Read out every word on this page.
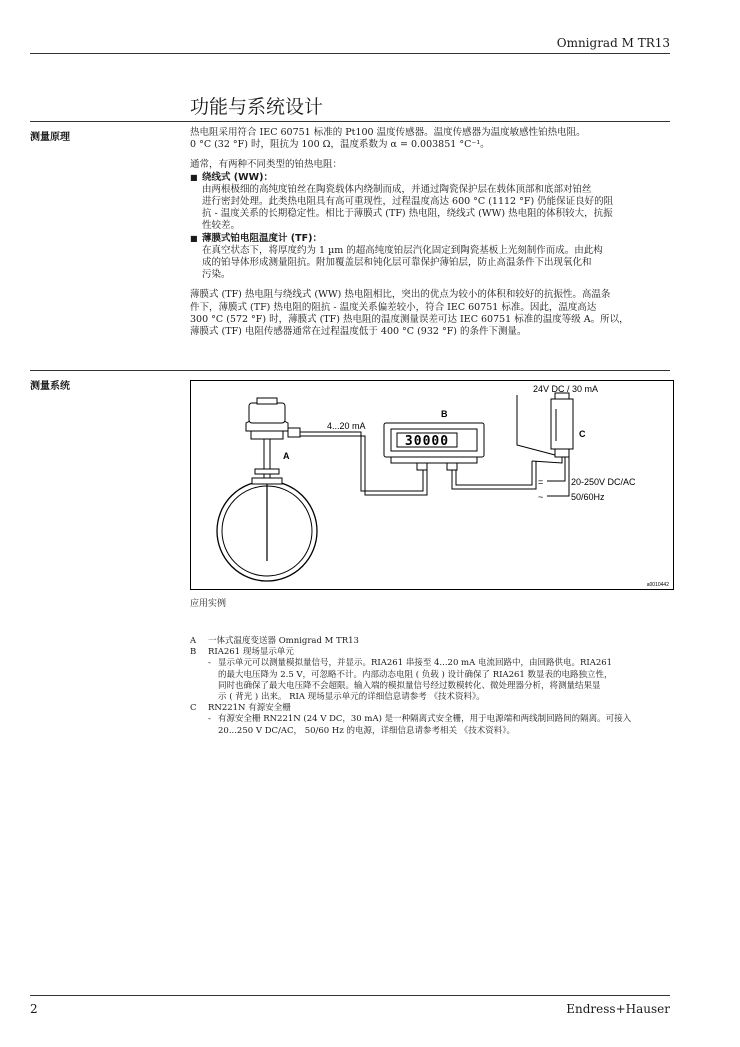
Omnigrad M TR13
功能与系统设计
测量原理	热电阻采用符合 IEC 60751 标准的 Pt100 温度传感器。温度传感器为温度敏感性铂热电阻。

0 °C (32 °F) 时，阻抗为 100 Ω，温度系数为 α = 0.003851 °C⁻¹。

通常，有两种不同类型的铂热电阻：

■ 绕线式 (WW)：

由两根极细的高纯度铂丝在陶瓷载体内绕制而成，并通过陶瓷保护层在载体顶部和底部对铂丝

进行密封处理。此类热电阻具有高可重现性，过程温度高达 600 °C (1112 °F) 仍能保证良好的阻

抗 - 温度关系的长期稳定性。相比于薄膜式 (TF) 热电阻，绕线式 (WW) 热电阻的体积较大，抗振

性较差。

■ 薄膜式铂电阻温度计 (TF)：

在真空状态下，将厚度约为 1 µm 的超高纯度铂层汽化固定到陶瓷基板上光刻制作而成。由此构

成的铂导体形成测量阻抗。附加覆盖层和钝化层可靠保护薄铂层，防止高温条件下出现氧化和

污染。

薄膜式 (TF) 热电阻与绕线式 (WW) 热电阻相比，突出的优点为较小的体积和较好的抗振性。高温条

件下，薄膜式 (TF) 热电阻的阻抗 - 温度关系偏差较小，符合 IEC 60751 标准。因此，温度高达

300 °C (572 °F) 时，薄膜式 (TF) 热电阻的温度测量误差可达 IEC 60751 标准的温度等级 A。所以，

薄膜式 (TF) 电阻传感器通常在过程温度低于 400 °C (932 °F) 的条件下测量。

测量系统
30000
A
B
C
4...20 mA
24V DC / 30 mA
=
~
20-250V DC/AC
50/60Hz
a0010442
应用实例
A	一体式温度变送器 Omnigrad M TR13
B	RIA261 现场显示单元
- 显示单元可以测量模拟量信号，并显示。RIA261 串接至 4...20 mA 电流回路中，由回路供电。RIA261
的最大电压降为 2.5 V，可忽略不计。内部动态电阻 ( 负载 ) 设计确保了 RIA261 数显表的电路独立性，
同时也确保了最大电压降不会超限。输入端的模拟量信号经过数模转化、微处理器分析，将测量结果显
示 ( 背光 ) 出来。 RIA 现场显示单元的详细信息请参考 《技术资料》。
C	RN221N 有源安全栅
- 有源安全栅 RN221N (24 V DC，30 mA) 是一种隔离式安全栅，用于电源端和两线制回路间的隔离。可接入
20...250 V DC/AC， 50/60 Hz 的电源，详细信息请参考相关 《技术资料》。
2	Endress+Hauser
